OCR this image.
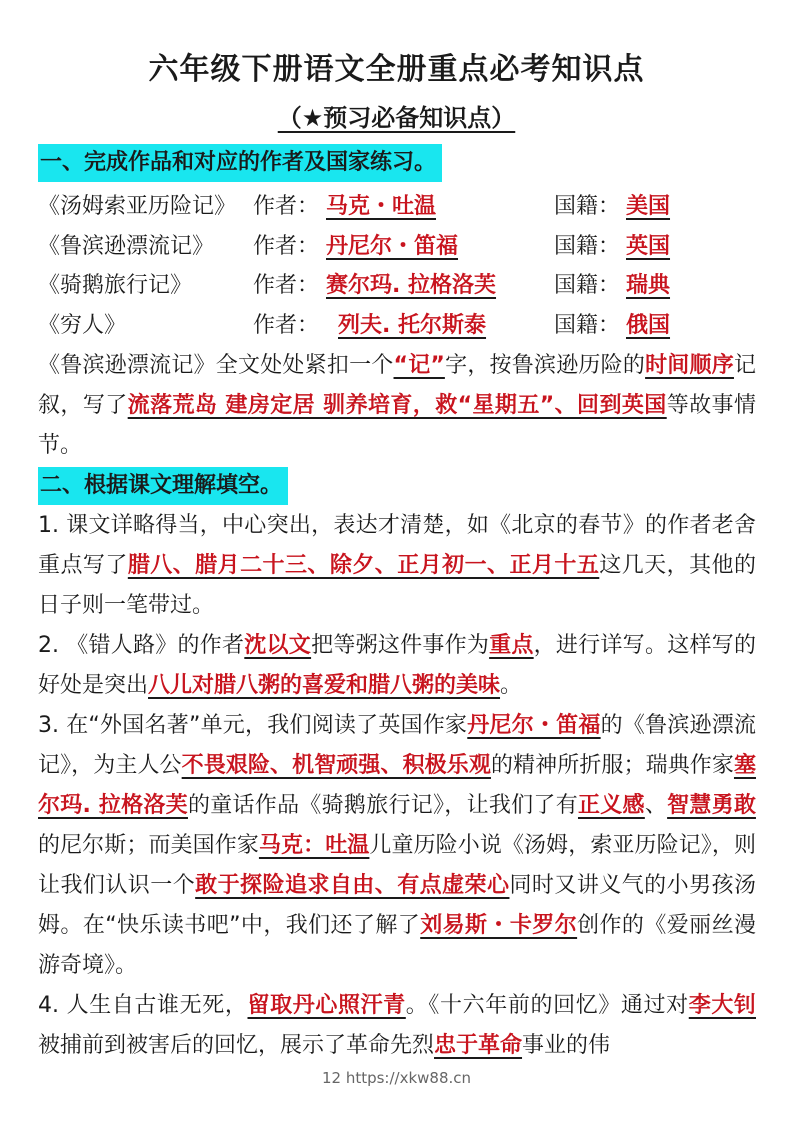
六年级下册语文全册重点必考知识点
（★预习必备知识点）
一、完成作品和对应的作者及国家练习。
《汤姆索亚历险记》 作者： 马克・吐温	国籍： 美国
《鲁滨逊漂流记》 作者： 丹尼尔・笛福	国籍： 英国
《骑鹅旅行记》	作者： 赛尔玛. 拉格洛芙	国籍： 瑞典
《穷人》	作者： 列夫. 托尔斯泰	国籍： 俄国
《鲁滨逊漂流记》全文处处紧扣一个“记”字，按鲁滨逊历险的时间顺序记叙，写了流落荒岛 建房定居 驯养培育，救“星期五”、回到英国等故事情节。
二、根据课文理解填空。
1. 课文详略得当，中心突出，表达才清楚，如《北京的春节》的作者老舍重点写了腊八、腊月二十三、除夕、正月初一、正月十五这几天，其他的日子则一笔带过。
2. 《错人路》的作者沈以文把等粥这件事作为重点，进行详写。这样写的好处是突出八儿对腊八粥的喜爱和腊八粥的美味。
3. 在“外国名著”单元，我们阅读了英国作家丹尼尔・笛福的《鲁滨逊漂流记》，为主人公不畏艰险、机智顽强、积极乐观的精神所折服；瑞典作家塞尔玛. 拉格洛芙的童话作品《骑鹅旅行记》，让我们了有正义感、智慧勇敢的尼尔斯；而美国作家马克：吐温儿童历险小说《汤姆，索亚历险记》，则让我们认识一个敢于探险追求自由、有点虚荣心同时又讲义气的小男孩汤姆。在“快乐读书吧”中，我们还了解了刘易斯・卡罗尔创作的《爱丽丝漫游奇境》。
4. 人生自古谁无死，留取丹心照汗青。《十六年前的回忆》通过对李大钊被捕前到被害后的回忆，展示了革命先烈忠于革命事业的伟
12 https://xkw88.cn
